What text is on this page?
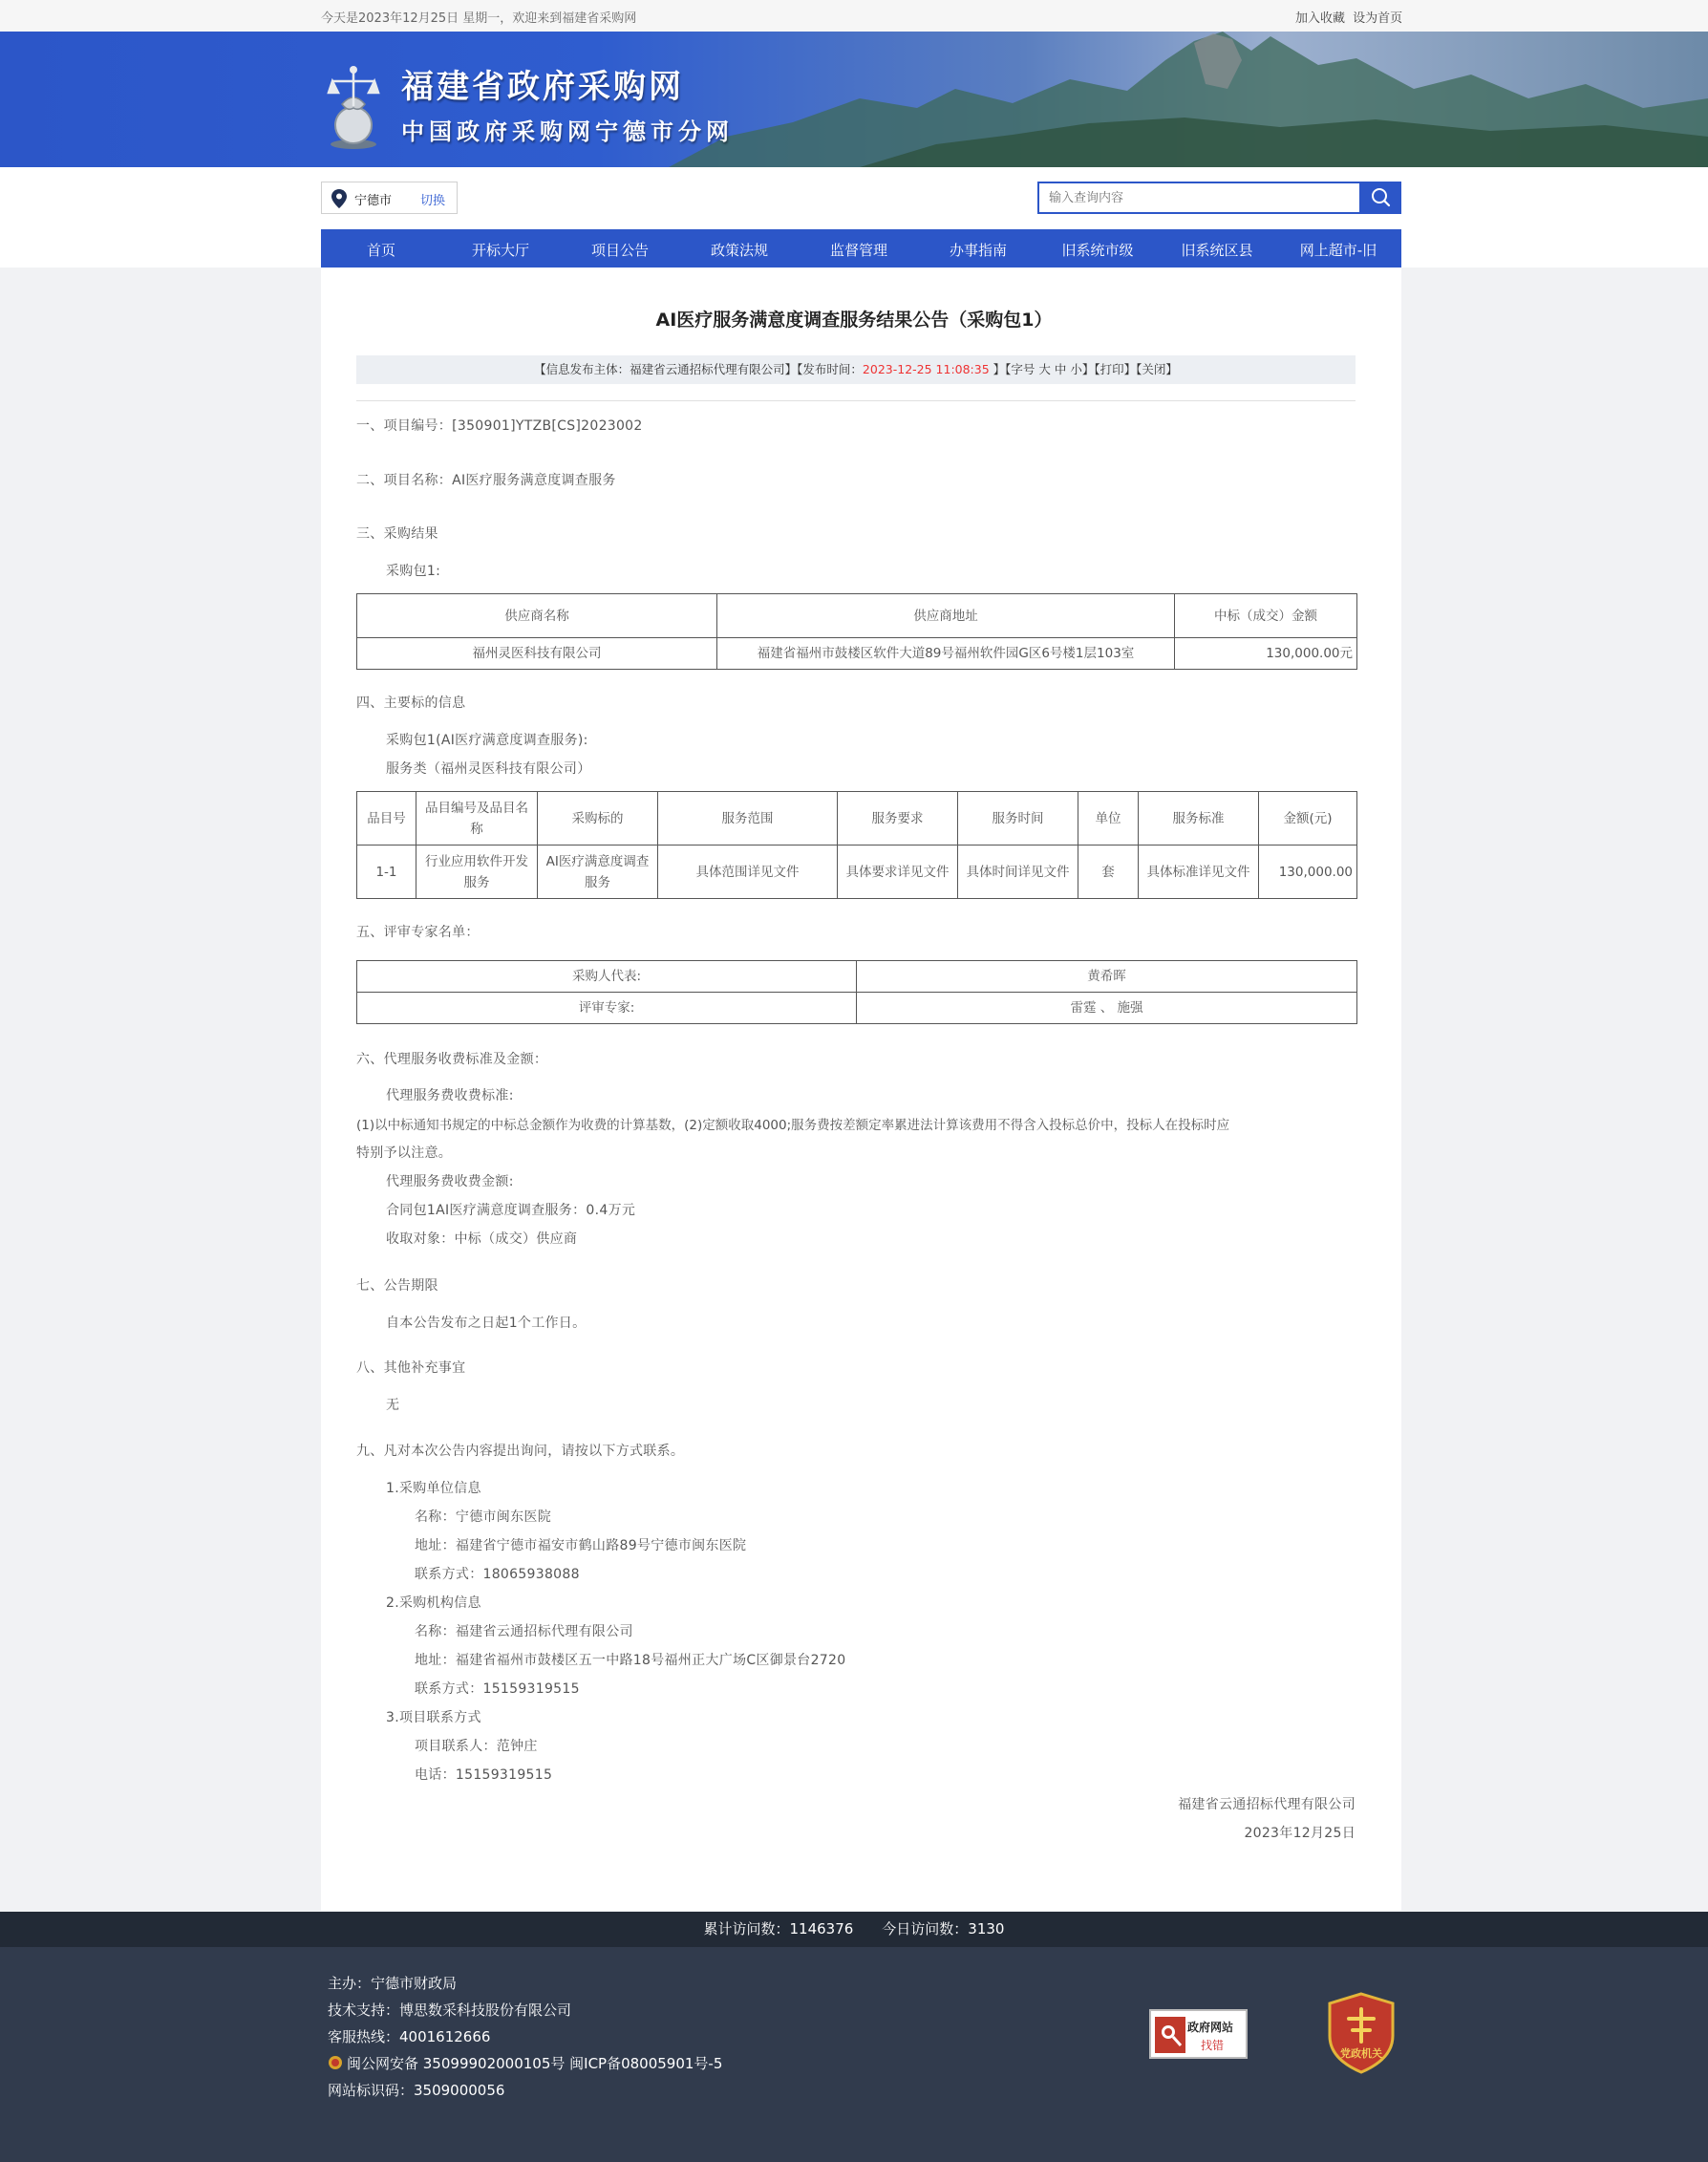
今天是2023年12月25日 星期一，欢迎来到福建省采购网	加入收藏 设为首页
福建省政府采购网
中国政府采购网宁德市分网
宁德市 切换
输入查询内容
首页	开标大厅	项目公告	政策法规	监督管理	办事指南	旧系统市级	旧系统区县	网上超市-旧
AI医疗服务满意度调查服务结果公告（采购包1）
【信息发布主体：福建省云通招标代理有限公司】【发布时间：2023-12-25 11:08:35 】【字号 大 中 小】【打印】【关闭】
一、项目编号：[350901]YTZB[CS]2023002
二、项目名称：AI医疗服务满意度调查服务
三、采购结果
采购包1:
供应商名称	供应商地址	中标（成交）金额
福州灵医科技有限公司	福建省福州市鼓楼区软件大道89号福州软件园G区6号楼1层103室	130,000.00元
四、主要标的信息
采购包1(AI医疗满意度调查服务):
服务类（福州灵医科技有限公司）
品目号	品目编号及品目名称	采购标的	服务范围	服务要求	服务时间	单位	服务标准	金额(元)
1-1	行业应用软件开发服务	AI医疗满意度调查服务	具体范围详见文件	具体要求详见文件	具体时间详见文件	套	具体标准详见文件	130,000.00
五、评审专家名单：
采购人代表:	黄希晖
评审专家:	雷霆 、 施强
六、代理服务收费标准及金额：
代理服务费收费标准:
(1)以中标通知书规定的中标总金额作为收费的计算基数，(2)定额收取4000;服务费按差额定率累进法计算该费用不得含入投标总价中，投标人在投标时应
特别予以注意。
代理服务费收费金额:
合同包1AI医疗满意度调查服务：0.4万元
收取对象：中标（成交）供应商
七、公告期限
自本公告发布之日起1个工作日。
八、其他补充事宜
无
九、凡对本次公告内容提出询问，请按以下方式联系。
1.采购单位信息
名称：宁德市闽东医院
地址：福建省宁德市福安市鹤山路89号宁德市闽东医院
联系方式：18065938088
2.采购机构信息
名称：福建省云通招标代理有限公司
地址：福建省福州市鼓楼区五一中路18号福州正大广场C区御景台2720
联系方式：15159319515
3.项目联系方式
项目联系人：范钟庄
电话：15159319515
福建省云通招标代理有限公司
2023年12月25日
累计访问数：1146376　　今日访问数：3130
主办：宁德市财政局
技术支持：博思数采科技股份有限公司
客服热线：4001612666
闽公网安备 35099902000105号 闽ICP备08005901号-5
网站标识码：3509000056
政府网站
找错
党政机关
